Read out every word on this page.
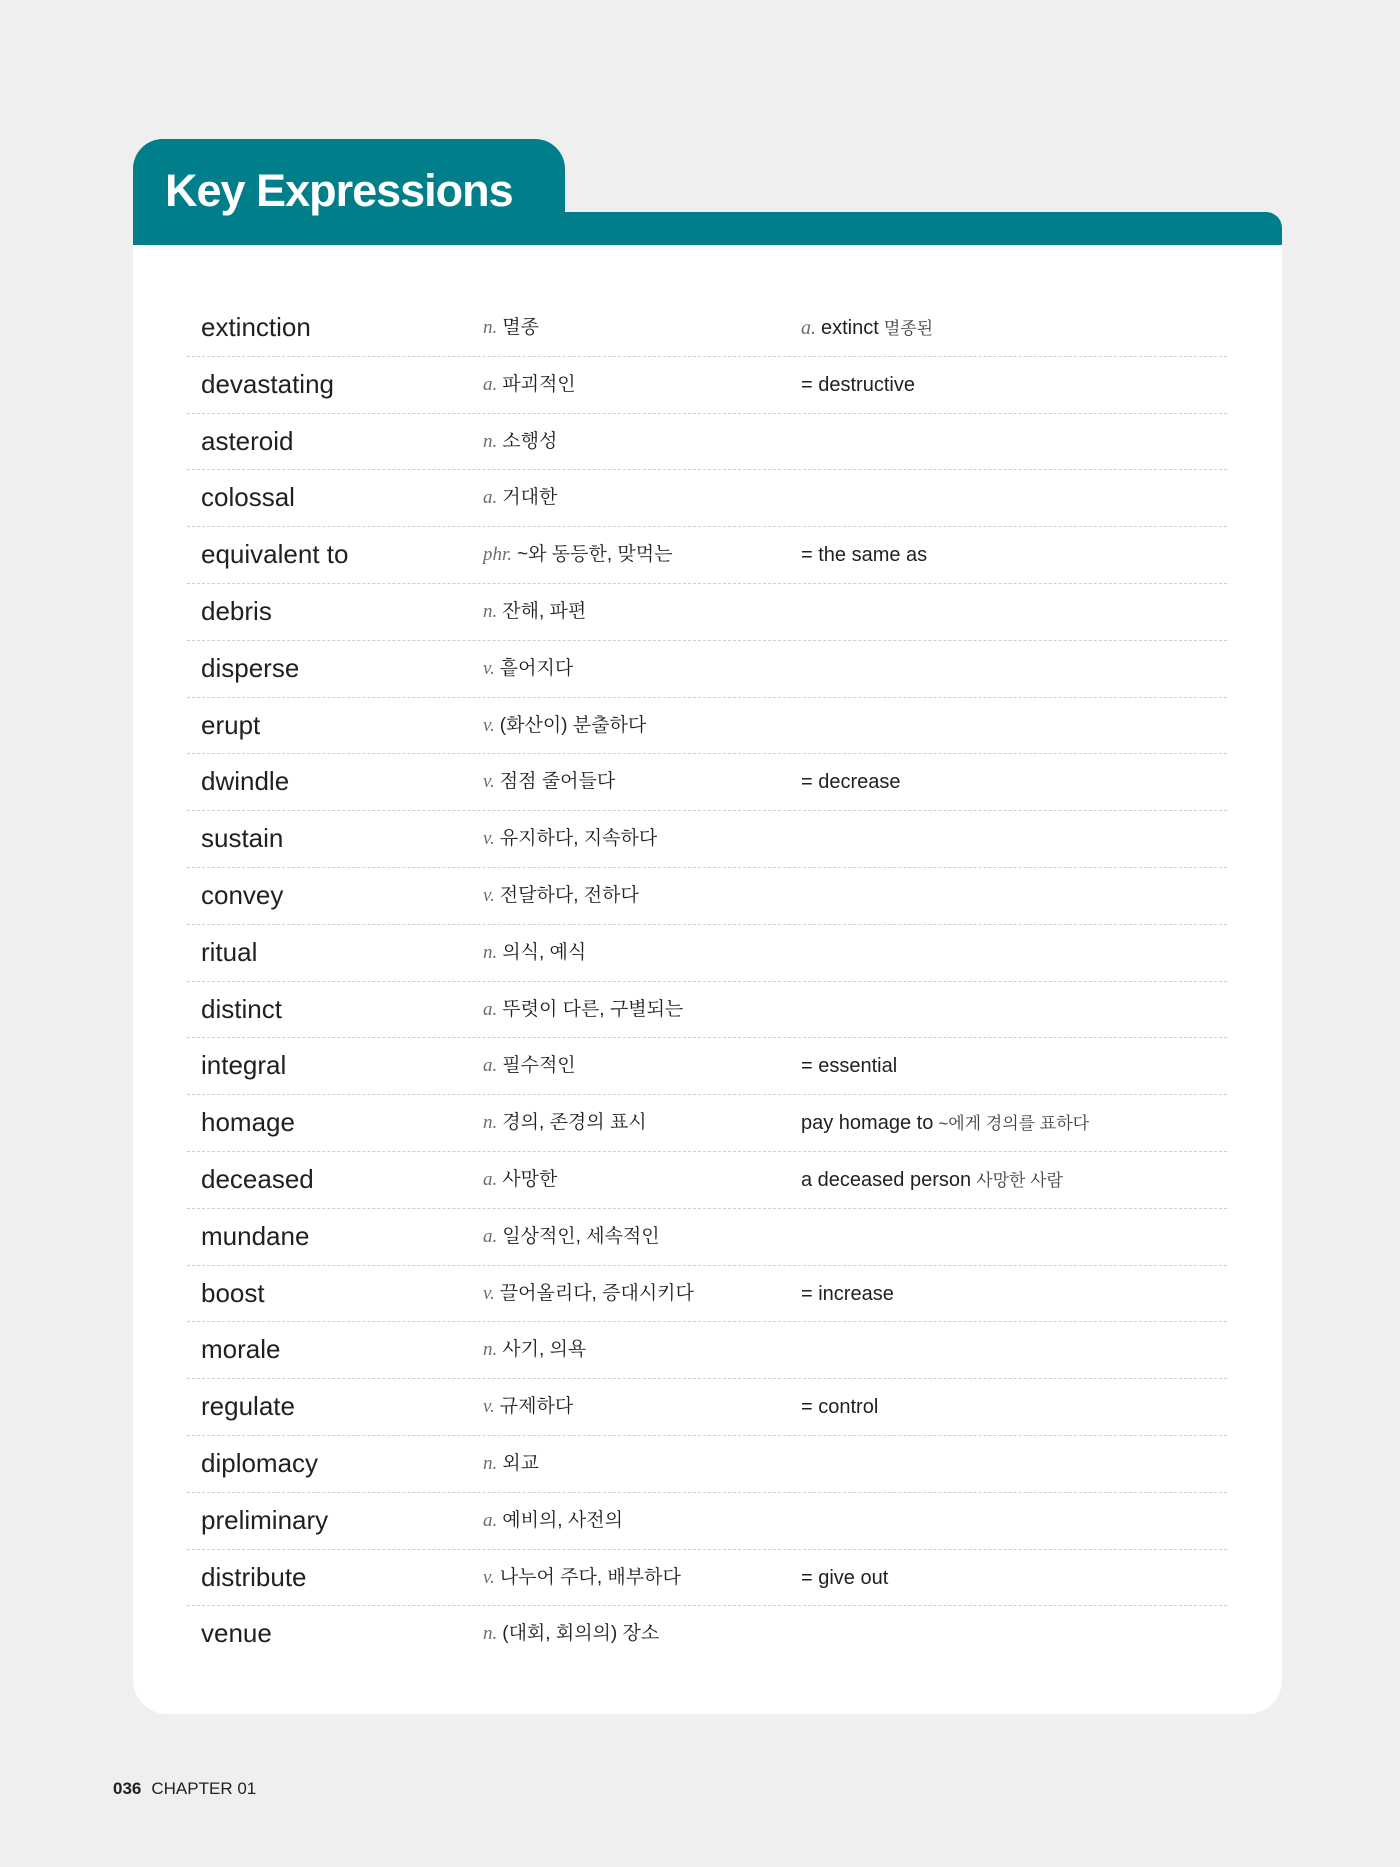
Key Expressions
extinction	n. 멸종	a. extinct 멸종된
devastating	a. 파괴적인	= destructive
asteroid	n. 소행성
colossal	a. 거대한
equivalent to	phr. ~와 동등한, 맞먹는	= the same as
debris	n. 잔해, 파편
disperse	v. 흩어지다
erupt	v. (화산이) 분출하다
dwindle	v. 점점 줄어들다	= decrease
sustain	v. 유지하다, 지속하다
convey	v. 전달하다, 전하다
ritual	n. 의식, 예식
distinct	a. 뚜렷이 다른, 구별되는
integral	a. 필수적인	= essential
homage	n. 경의, 존경의 표시	pay homage to ~에게 경의를 표하다
deceased	a. 사망한	a deceased person 사망한 사람
mundane	a. 일상적인, 세속적인
boost	v. 끌어올리다, 증대시키다	= increase
morale	n. 사기, 의욕
regulate	v. 규제하다	= control
diplomacy	n. 외교
preliminary	a. 예비의, 사전의
distribute	v. 나누어 주다, 배부하다	= give out
venue	n. (대회, 회의의) 장소
036 CHAPTER 01
